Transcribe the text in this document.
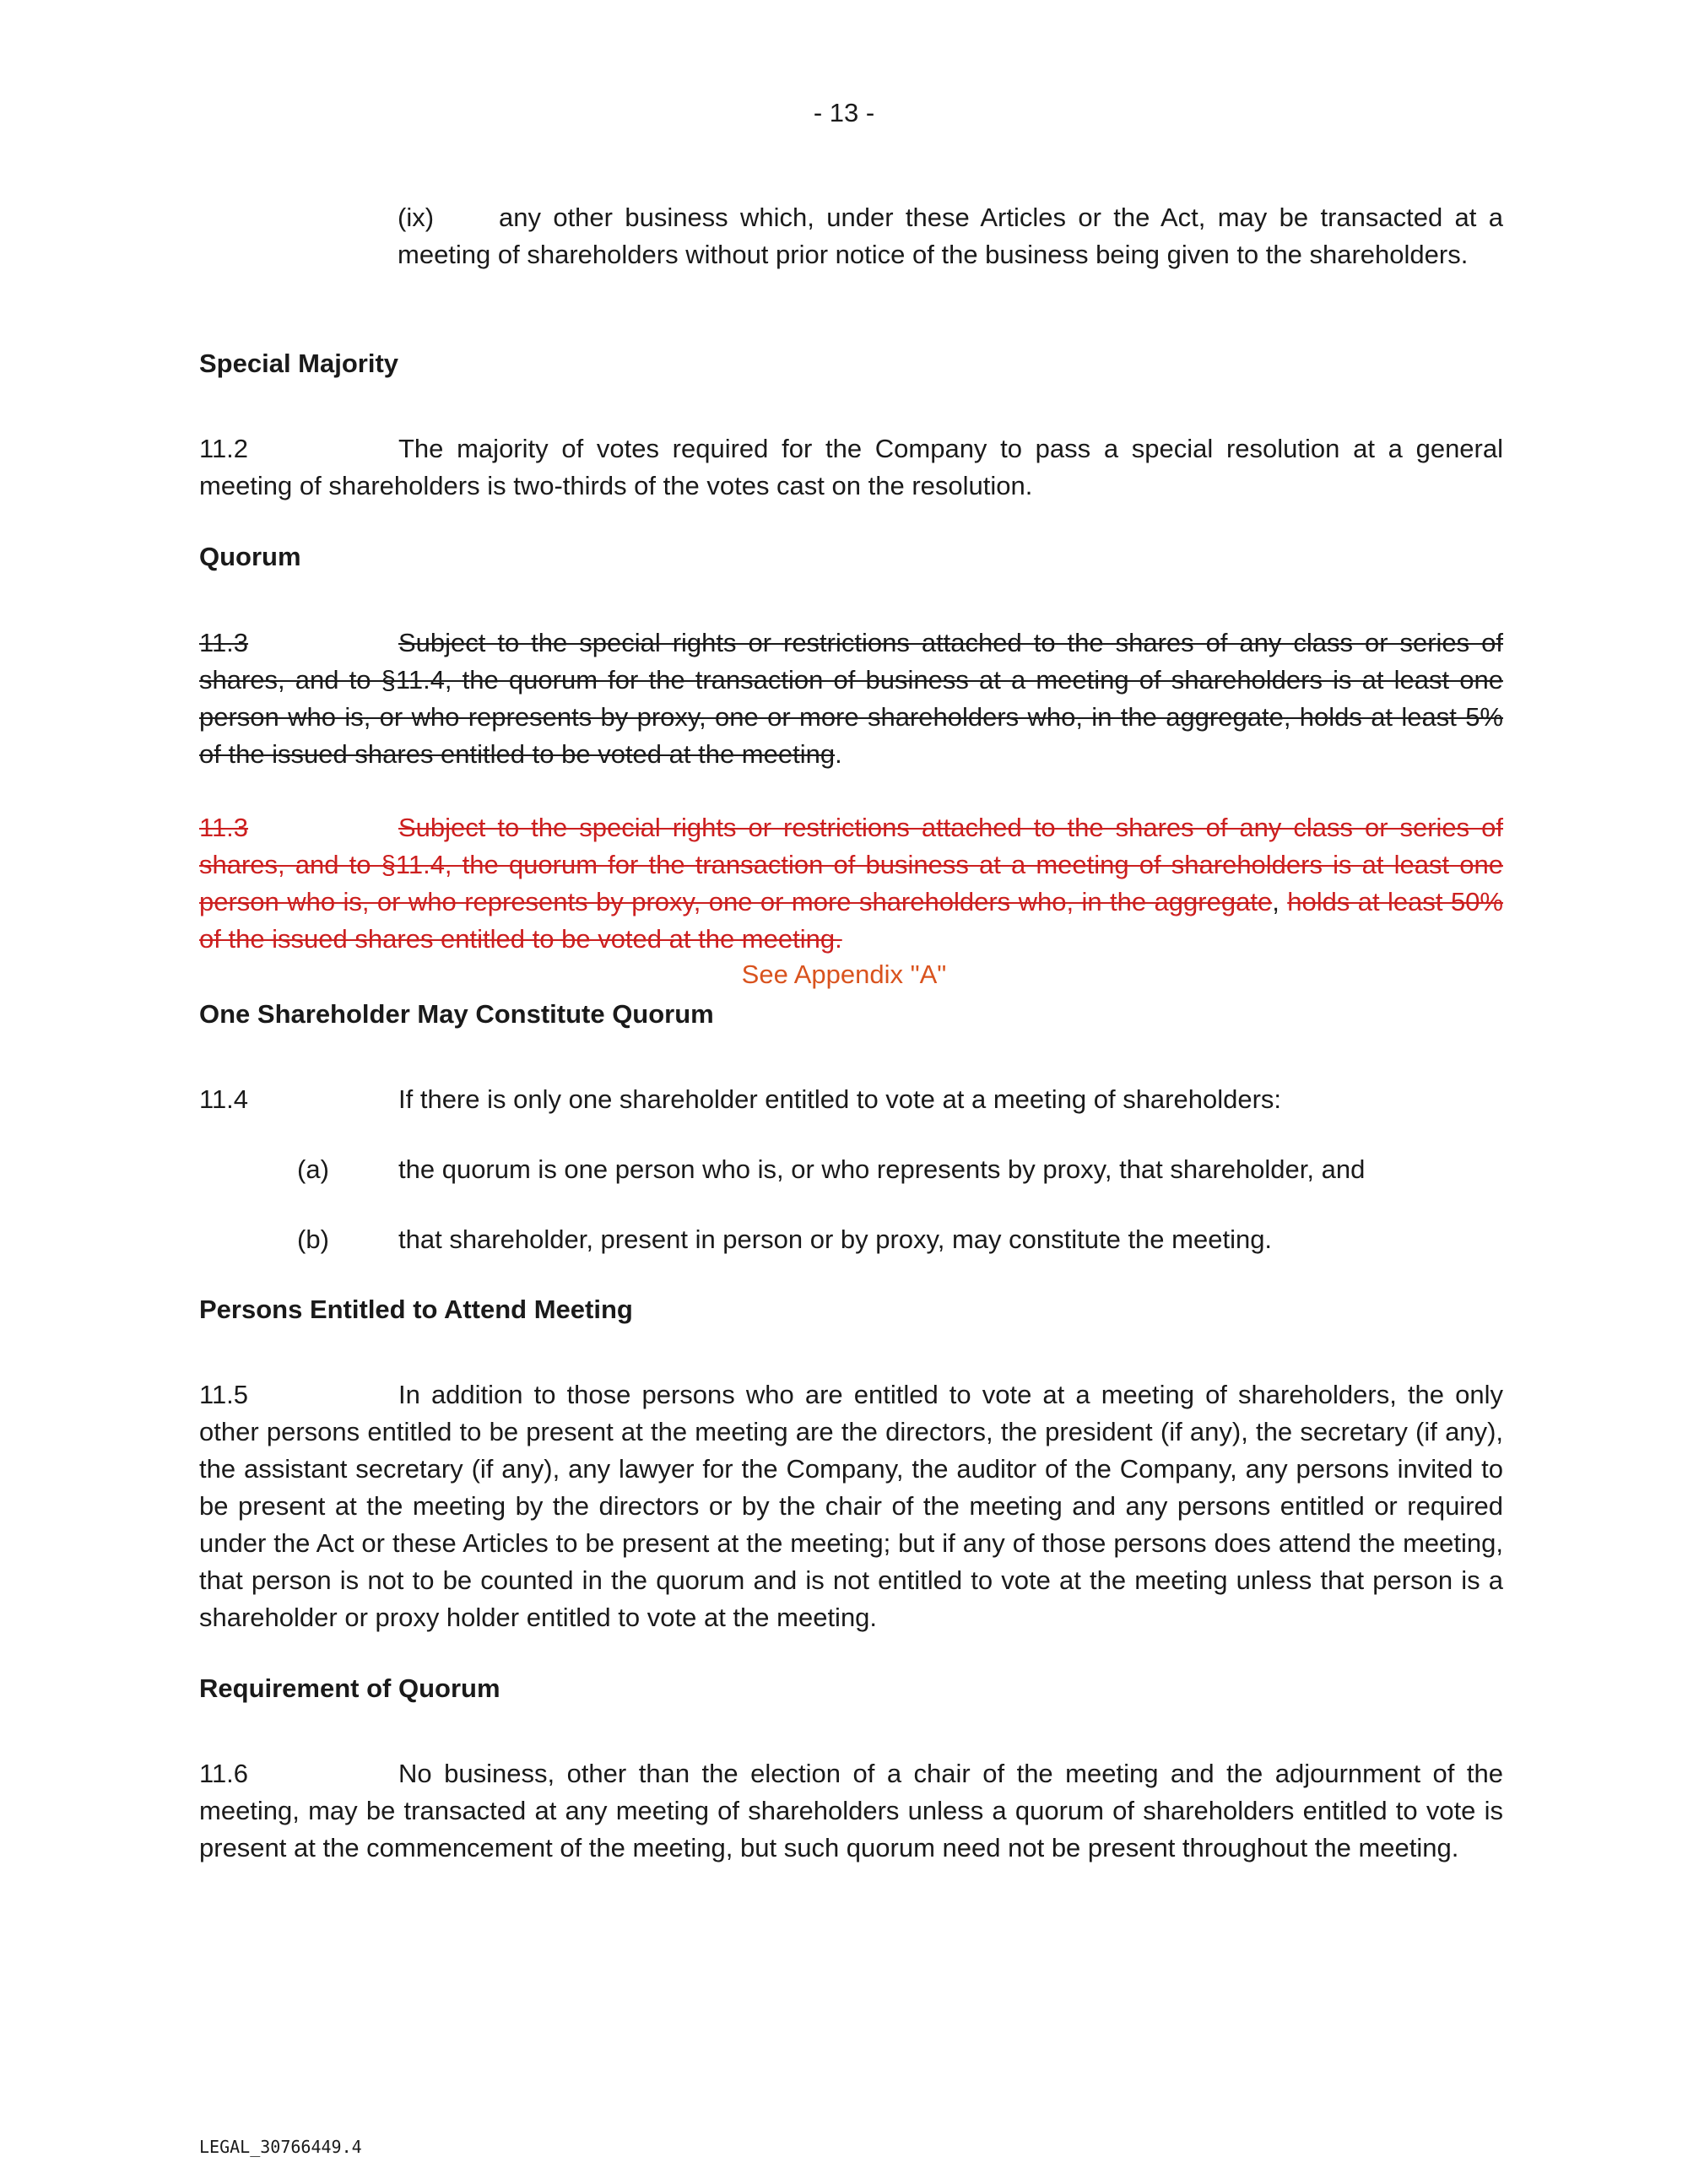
- 13 -
(ix) any other business which, under these Articles or the Act, may be transacted at a meeting of shareholders without prior notice of the business being given to the shareholders.
Special Majority
11.2	The majority of votes required for the Company to pass a special resolution at a general meeting of shareholders is two-thirds of the votes cast on the resolution.
Quorum
11.3	Subject to the special rights or restrictions attached to the shares of any class or series of shares, and to §11.4, the quorum for the transaction of business at a meeting of shareholders is at least one person who is, or who represents by proxy, one or more shareholders who, in the aggregate, holds at least 5% of the issued shares entitled to be voted at the meeting.
11.3	Subject to the special rights or restrictions attached to the shares of any class or series of shares, and to §11.4, the quorum for the transaction of business at a meeting of shareholders is at least one person who is, or who represents by proxy, one or more shareholders who, in the aggregate, holds at least 50% of the issued shares entitled to be voted at the meeting.
See Appendix "A"
One Shareholder May Constitute Quorum
11.4	If there is only one shareholder entitled to vote at a meeting of shareholders:
(a)	the quorum is one person who is, or who represents by proxy, that shareholder, and
(b)	that shareholder, present in person or by proxy, may constitute the meeting.
Persons Entitled to Attend Meeting
11.5	In addition to those persons who are entitled to vote at a meeting of shareholders, the only other persons entitled to be present at the meeting are the directors, the president (if any), the secretary (if any), the assistant secretary (if any), any lawyer for the Company, the auditor of the Company, any persons invited to be present at the meeting by the directors or by the chair of the meeting and any persons entitled or required under the Act or these Articles to be present at the meeting; but if any of those persons does attend the meeting, that person is not to be counted in the quorum and is not entitled to vote at the meeting unless that person is a shareholder or proxy holder entitled to vote at the meeting.
Requirement of Quorum
11.6	No business, other than the election of a chair of the meeting and the adjournment of the meeting, may be transacted at any meeting of shareholders unless a quorum of shareholders entitled to vote is present at the commencement of the meeting, but such quorum need not be present throughout the meeting.
LEGAL_30766449.4
